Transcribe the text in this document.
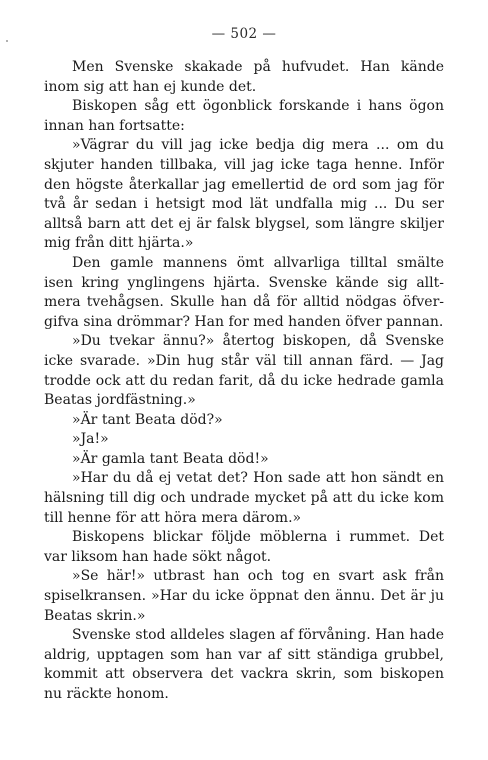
— 502 —

Men Svenske skakade på hufvudet. Han kände inom sig att han ej kunde det.

Biskopen såg ett ögonblick forskande i hans ögon innan han fortsatte:

»Vägrar du vill jag icke bedja dig mera ... om du skjuter handen tillbaka, vill jag icke taga henne. Inför den högste återkallar jag emellertid de ord som jag för två år sedan i hetsigt mod lät undfalla mig ... Du ser alltså barn att det ej är falsk blygsel, som längre skiljer mig från ditt hjärta.»

Den gamle mannens ömt allvarliga tilltal smälte isen kring ynglingens hjärta. Svenske kände sig allt-mera tvehågsen. Skulle han då för alltid nödgas öfver-gifva sina drömmar? Han for med handen öfver pannan.

»Du tvekar ännu?» återtog biskopen, då Svenske icke svarade. »Din hug står väl till annan färd. — Jag trodde ock att du redan farit, då du icke hedrade gamla Beatas jordfästning.»

»Är tant Beata död?»

»Ja!»

»Är gamla tant Beata död!»

»Har du då ej vetat det? Hon sade att hon sändt en hälsning till dig och undrade mycket på att du icke kom till henne för att höra mera därom.»

Biskopens blickar följde möblerna i rummet. Det var liksom han hade sökt något.

»Se här!» utbrast han och tog en svart ask från spiselkransen. »Har du icke öppnat den ännu. Det är ju Beatas skrin.»

Svenske stod alldeles slagen af förvåning. Han hade aldrig, upptagen som han var af sitt ständiga grubbel, kommit att observera det vackra skrin, som biskopen nu räckte honom.
